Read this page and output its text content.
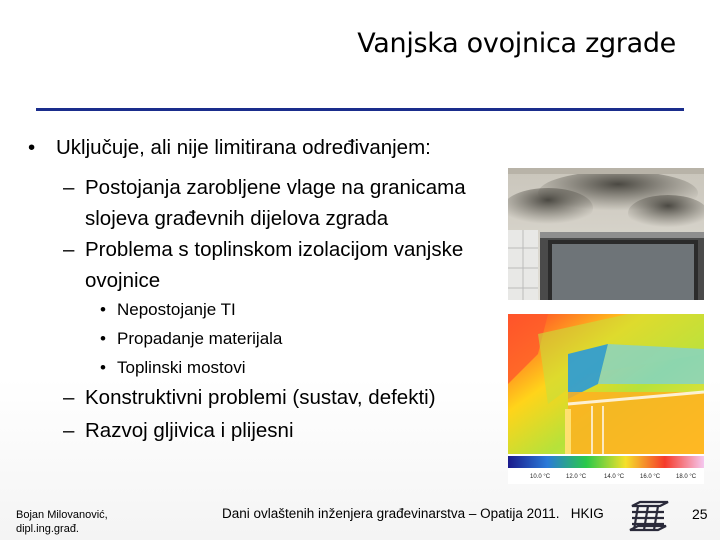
Vanjska ovojnica zgrade
• Uključuje, ali nije limitirana određivanjem:
– Postojanja zarobljene vlage na granicama
slojeva građevnih dijelova zgrada
– Problema s toplinskom izolacijom vanjske
ovojnice
• Nepostojanje TI
• Propadanje materijala
• Toplinski mostovi
– Konstruktivni problemi (sustav, defekti)
– Razvoj gljivica i plijesni
10.0 °C	12.0 °C	14.0 °C	16.0 °C	18.0 °C
Bojan Milovanović,
dipl.ing.građ.
Dani ovlaštenih inženjera građevinarstva – Opatija 2011. HKIG	25
